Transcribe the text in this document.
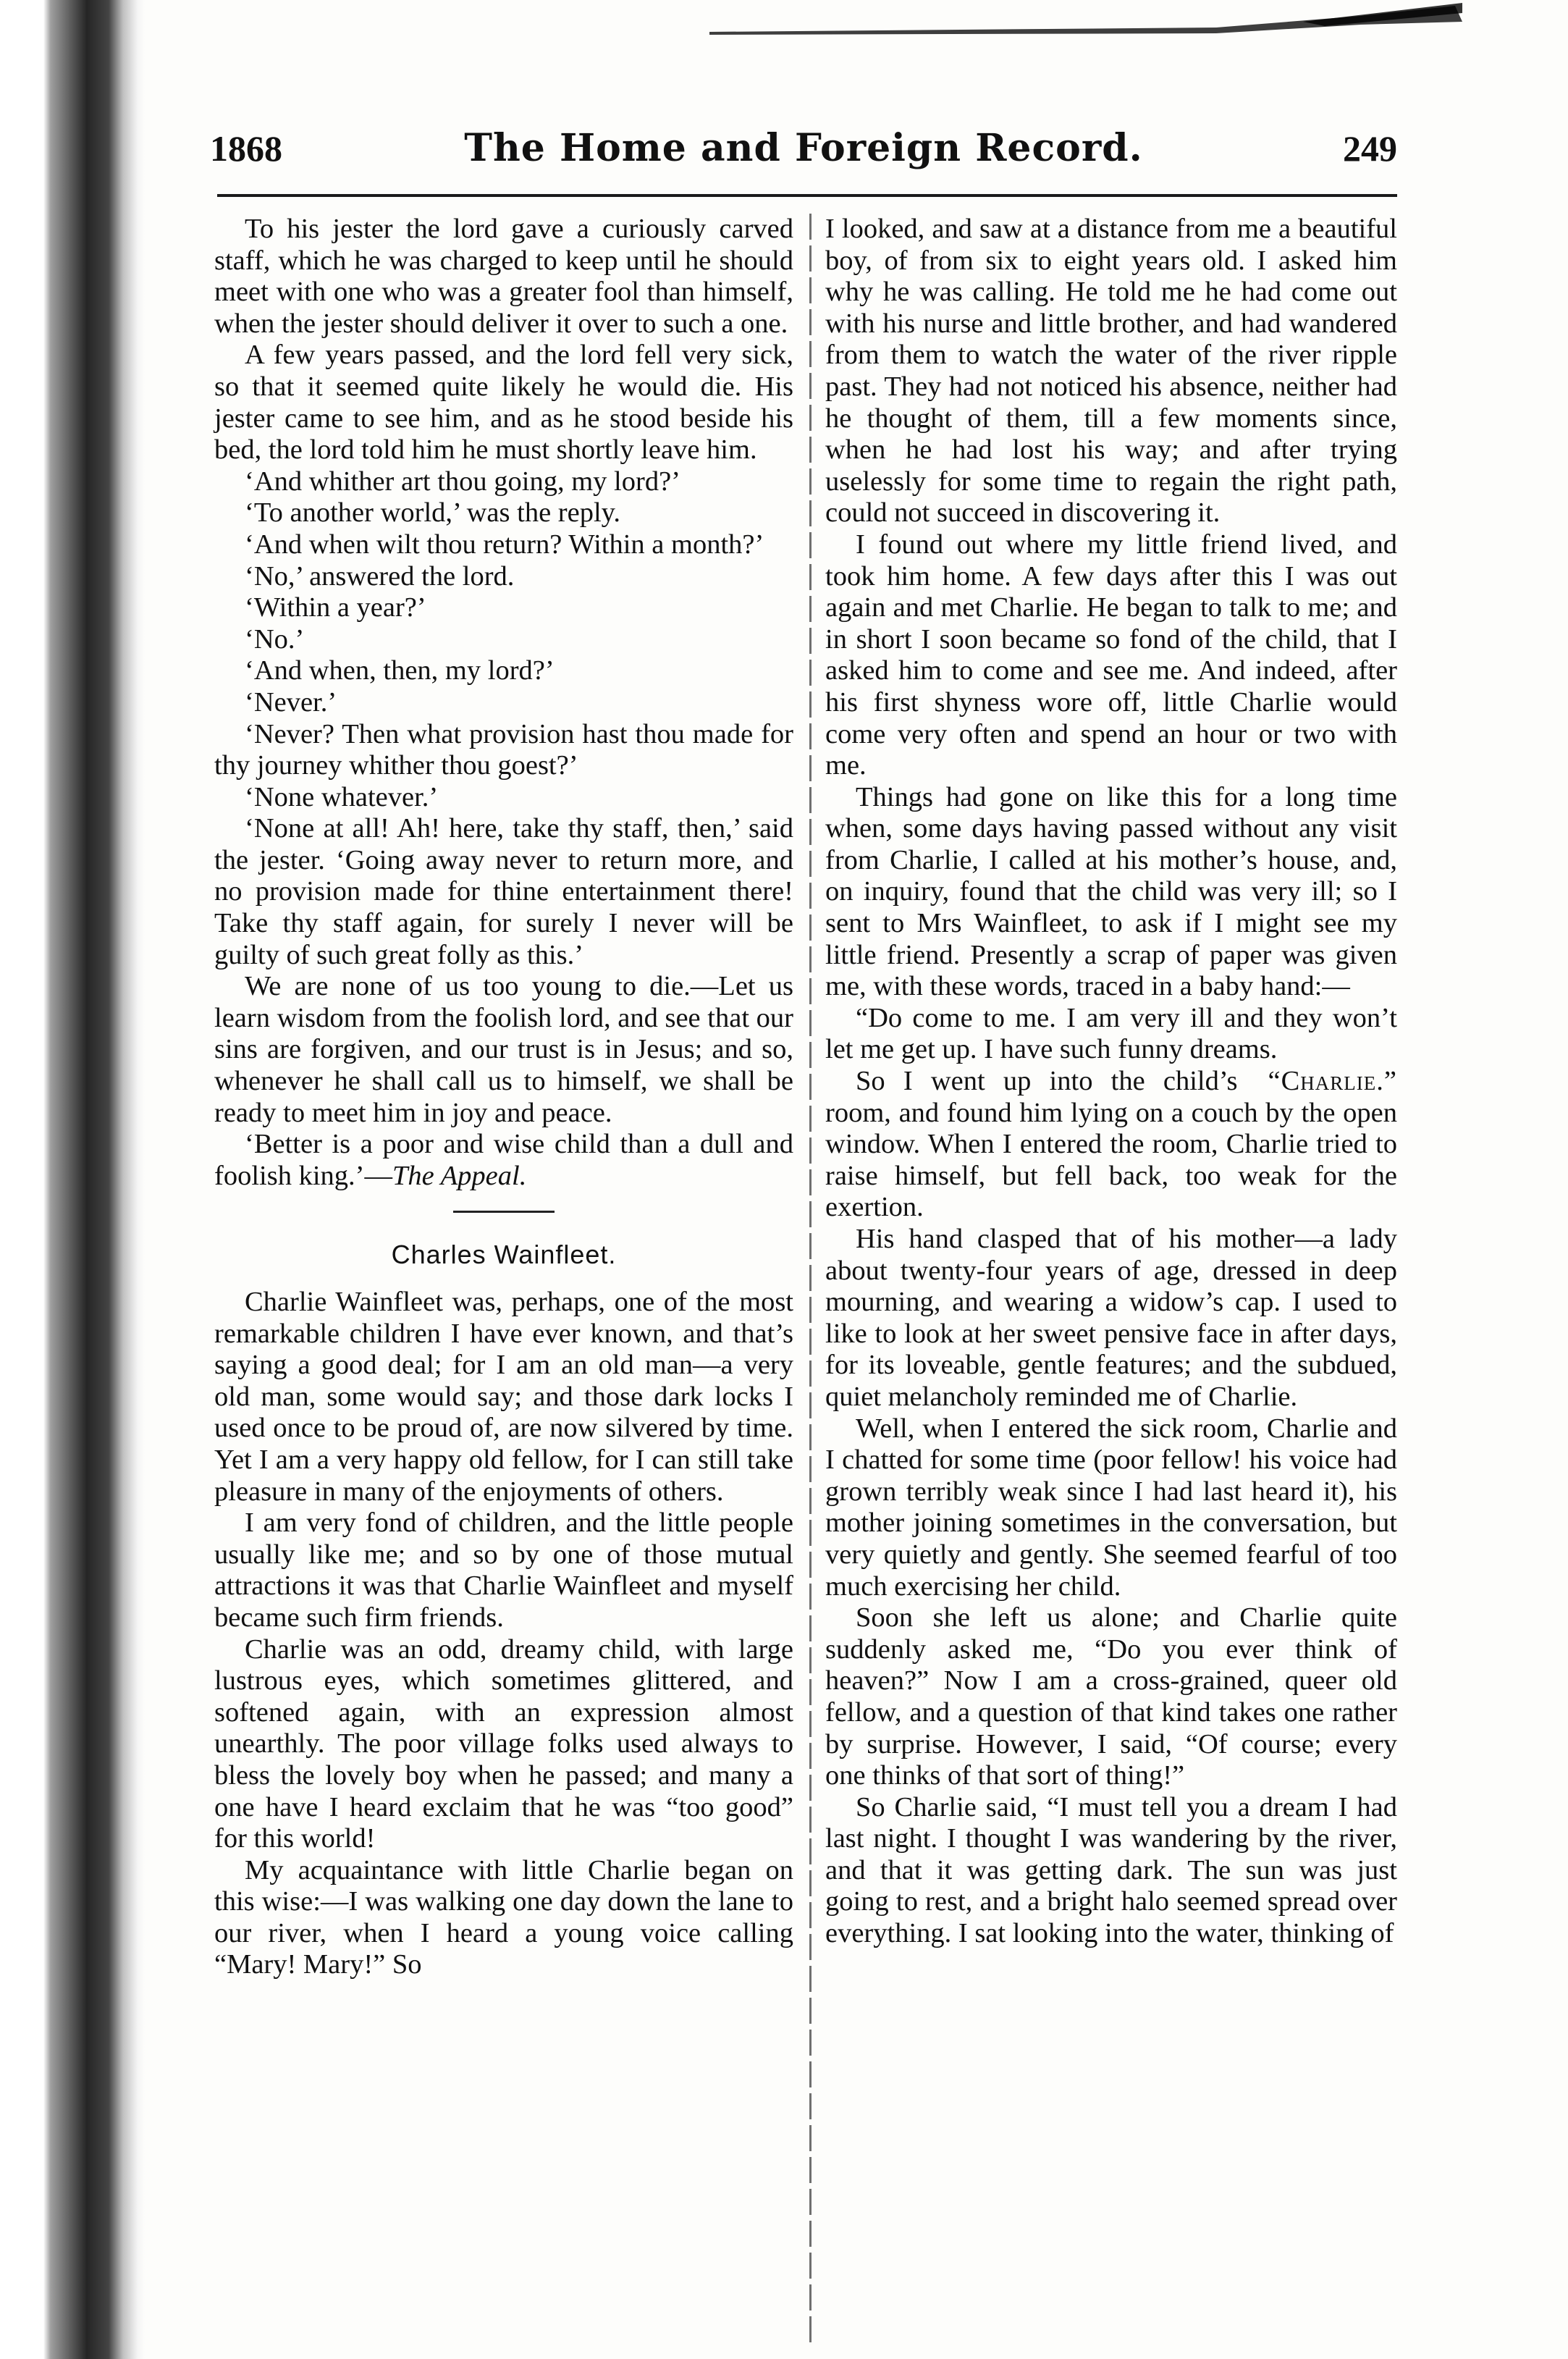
1868	The Home and Foreign Record.	249

To his jester the lord gave a curiously carved staff, which he was charged to keep until he should meet with one who was a greater fool than himself, when the jester should deliver it over to such a one.

A few years passed, and the lord fell very sick, so that it seemed quite likely he would die. His jester came to see him, and as he stood beside his bed, the lord told him he must shortly leave him.

‘And whither art thou going, my lord?’

‘To another world,’ was the reply.

‘And when wilt thou return? Within a month?’

‘No,’ answered the lord.

‘Within a year?’

‘No.’

‘And when, then, my lord?’

‘Never.’

‘Never? Then what provision hast thou made for thy journey whither thou goest?’

‘None whatever.’

‘None at all! Ah! here, take thy staff, then,’ said the jester. ‘Going away never to return more, and no provision made for thine entertainment there! Take thy staff again, for surely I never will be guilty of such great folly as this.’

We are none of us too young to die.—Let us learn wisdom from the foolish lord, and see that our sins are forgiven, and our trust is in Jesus; and so, whenever he shall call us to himself, we shall be ready to meet him in joy and peace.

‘Better is a poor and wise child than a dull and foolish king.’—The Appeal.

Charles Wainfleet.

Charlie Wainfleet was, perhaps, one of the most remarkable children I have ever known, and that’s saying a good deal; for I am an old man—a very old man, some would say; and those dark locks I used once to be proud of, are now silvered by time. Yet I am a very happy old fellow, for I can still take pleasure in many of the enjoyments of others.

I am very fond of children, and the little people usually like me; and so by one of those mutual attractions it was that Charlie Wainfleet and myself became such firm friends.

Charlie was an odd, dreamy child, with large lustrous eyes, which sometimes glittered, and softened again, with an expression almost unearthly. The poor village folks used always to bless the lovely boy when he passed; and many a one have I heard exclaim that he was “too good” for this world!

My acquaintance with little Charlie began on this wise:—I was walking one day down the lane to our river, when I heard a young voice calling “Mary! Mary!” So

I looked, and saw at a distance from me a beautiful boy, of from six to eight years old. I asked him why he was calling. He told me he had come out with his nurse and little brother, and had wandered from them to watch the water of the river ripple past. They had not noticed his absence, neither had he thought of them, till a few moments since, when he had lost his way; and after trying uselessly for some time to regain the right path, could not succeed in discovering it.

I found out where my little friend lived, and took him home. A few days after this I was out again and met Charlie. He began to talk to me; and in short I soon became so fond of the child, that I asked him to come and see me. And indeed, after his first shyness wore off, little Charlie would come very often and spend an hour or two with me.

Things had gone on like this for a long time when, some days having passed without any visit from Charlie, I called at his mother’s house, and, on inquiry, found that the child was very ill; so I sent to Mrs Wainfleet, to ask if I might see my little friend. Presently a scrap of paper was given me, with these words, traced in a baby hand:—

“Do come to me. I am very ill and they won’t let me get up. I have such funny dreams.
“Charlie.”

So I went up into the child’s room, and found him lying on a couch by the open window. When I entered the room, Charlie tried to raise himself, but fell back, too weak for the exertion.

His hand clasped that of his mother—a lady about twenty-four years of age, dressed in deep mourning, and wearing a widow’s cap. I used to like to look at her sweet pensive face in after days, for its loveable, gentle features; and the subdued, quiet melancholy reminded me of Charlie.

Well, when I entered the sick room, Charlie and I chatted for some time (poor fellow! his voice had grown terribly weak since I had last heard it), his mother joining sometimes in the conversation, but very quietly and gently. She seemed fearful of too much exercising her child.

Soon she left us alone; and Charlie quite suddenly asked me, “Do you ever think of heaven?” Now I am a cross-grained, queer old fellow, and a question of that kind takes one rather by surprise. However, I said, “Of course; every one thinks of that sort of thing!”

So Charlie said, “I must tell you a dream I had last night. I thought I was wandering by the river, and that it was getting dark. The sun was just going to rest, and a bright halo seemed spread over everything. I sat looking into the water, thinking of
